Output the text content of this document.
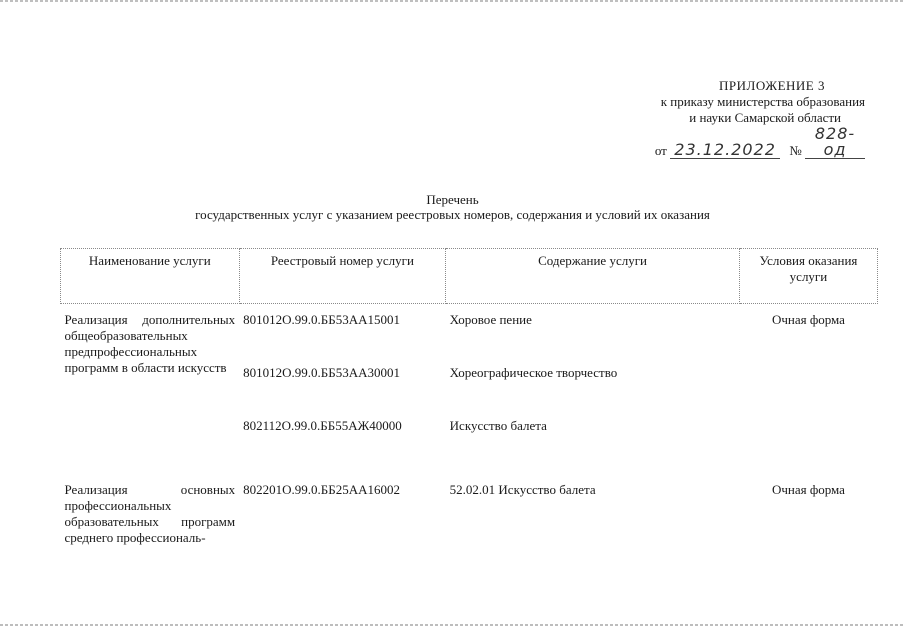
ПРИЛОЖЕНИЕ 3
к приказу министерства образования
и науки Самарской области
от 23.12.2022 № 828-од
Перечень
государственных услуг с указанием реестровых номеров, содержания и условий их оказания
Наименование услуги	Реестровый номер услуги	Содержание услуги	Условия оказания услуги
Реализация дополнительных общеобразовательных предпрофессиональных программ в области искусств	801012О.99.0.ББ53АА15001	Хоровое пение	Очная форма
	801012О.99.0.ББ53АА30001	Хореографическое творчество	
	802112О.99.0.ББ55АЖ40000	Искусство балета	

Реализация основных профессиональных образовательных программ среднего профессиональ-	802201О.99.0.ББ25АА16002	52.02.01 Искусство балета	Очная форма
